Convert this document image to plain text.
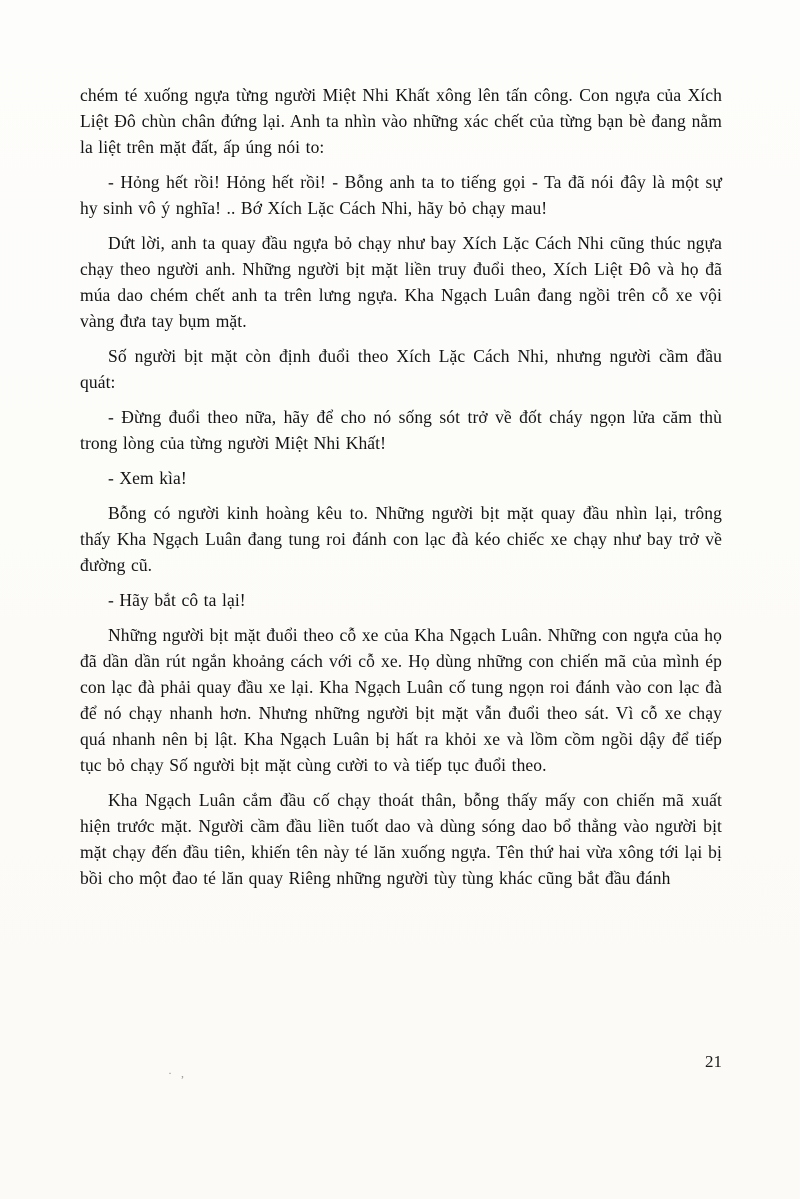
chém té xuống ngựa từng người Miệt Nhi Khất xông lên tấn công. Con ngựa của Xích Liệt Đô chùn chân đứng lại. Anh ta nhìn vào những xác chết của từng bạn bè đang nằm la liệt trên mặt đất, ấp úng nói to:

- Hỏng hết rồi! Hỏng hết rồi! - Bỗng anh ta to tiếng gọi - Ta đã nói đây là một sự hy sinh vô ý nghĩa! .. Bớ Xích Lặc Cách Nhi, hãy bỏ chạy mau!

Dứt lời, anh ta quay đầu ngựa bỏ chạy như bay Xích Lặc Cách Nhi cũng thúc ngựa chạy theo người anh. Những người bịt mặt liền truy đuổi theo, Xích Liệt Đô và họ đã múa dao chém chết anh ta trên lưng ngựa. Kha Ngạch Luân đang ngồi trên cỗ xe vội vàng đưa tay bụm mặt.

Số người bịt mặt còn định đuổi theo Xích Lặc Cách Nhi, nhưng người cầm đầu quát:

- Đừng đuổi theo nữa, hãy để cho nó sống sót trở về đốt cháy ngọn lửa căm thù trong lòng của từng người Miệt Nhi Khất!

- Xem kìa!

Bỗng có người kinh hoàng kêu to. Những người bịt mặt quay đầu nhìn lại, trông thấy Kha Ngạch Luân đang tung roi đánh con lạc đà kéo chiếc xe chạy như bay trở về đường cũ.

- Hãy bắt cô ta lại!

Những người bịt mặt đuổi theo cỗ xe của Kha Ngạch Luân. Những con ngựa của họ đã dần dần rút ngắn khoảng cách với cỗ xe. Họ dùng những con chiến mã của mình ép con lạc đà phải quay đầu xe lại. Kha Ngạch Luân cố tung ngọn roi đánh vào con lạc đà để nó chạy nhanh hơn. Nhưng những người bịt mặt vẫn đuổi theo sát. Vì cỗ xe chạy quá nhanh nên bị lật. Kha Ngạch Luân bị hất ra khỏi xe và lồm cồm ngồi dậy để tiếp tục bỏ chạy Số người bịt mặt cùng cười to và tiếp tục đuổi theo.

Kha Ngạch Luân cắm đầu cố chạy thoát thân, bỗng thấy mấy con chiến mã xuất hiện trước mặt. Người cầm đầu liền tuốt dao và dùng sóng dao bổ thẳng vào người bịt mặt chạy đến đầu tiên, khiến tên này té lăn xuống ngựa. Tên thứ hai vừa xông tới lại bị bồi cho một đao té lăn quay Riêng những người tùy tùng khác cũng bắt đầu đánh

· ,
21
